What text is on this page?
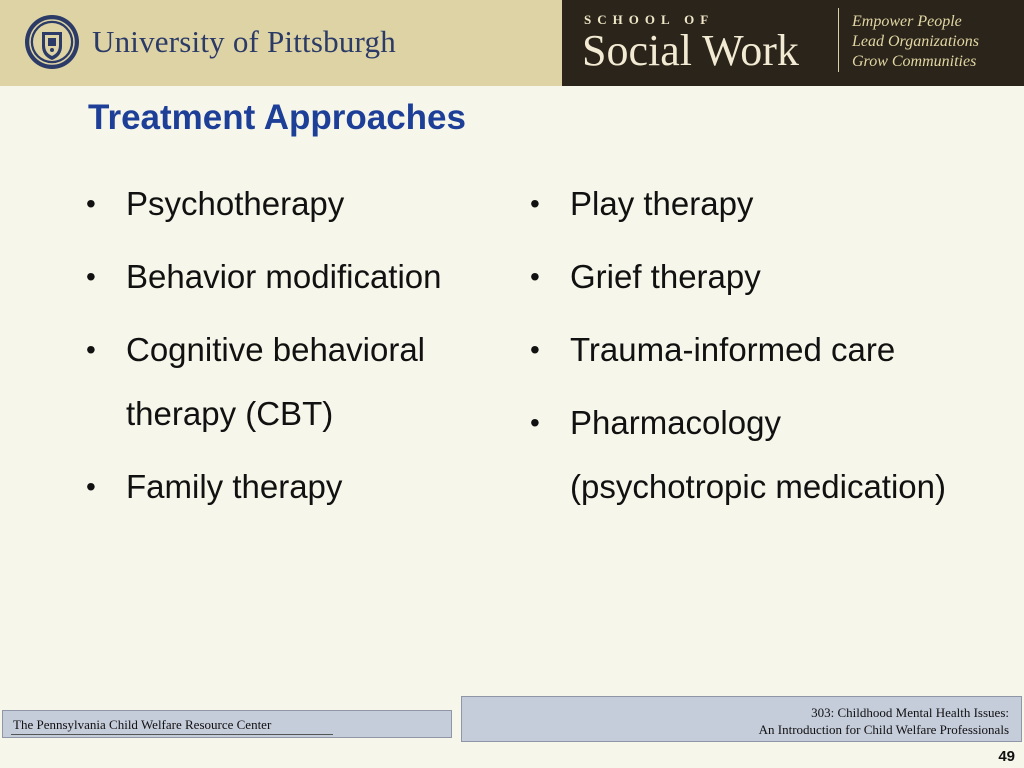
University of Pittsburgh
SCHOOL OF
Social Work
Empower People
Lead Organizations
Grow Communities
Treatment Approaches
• Psychotherapy
• Behavior modification
• Cognitive behavioral therapy (CBT)
• Family therapy
• Play therapy
• Grief therapy
• Trauma-informed care
• Pharmacology (psychotropic medication)
The Pennsylvania Child Welfare Resource Center
303: Childhood Mental Health Issues:
An Introduction for Child Welfare Professionals
49
